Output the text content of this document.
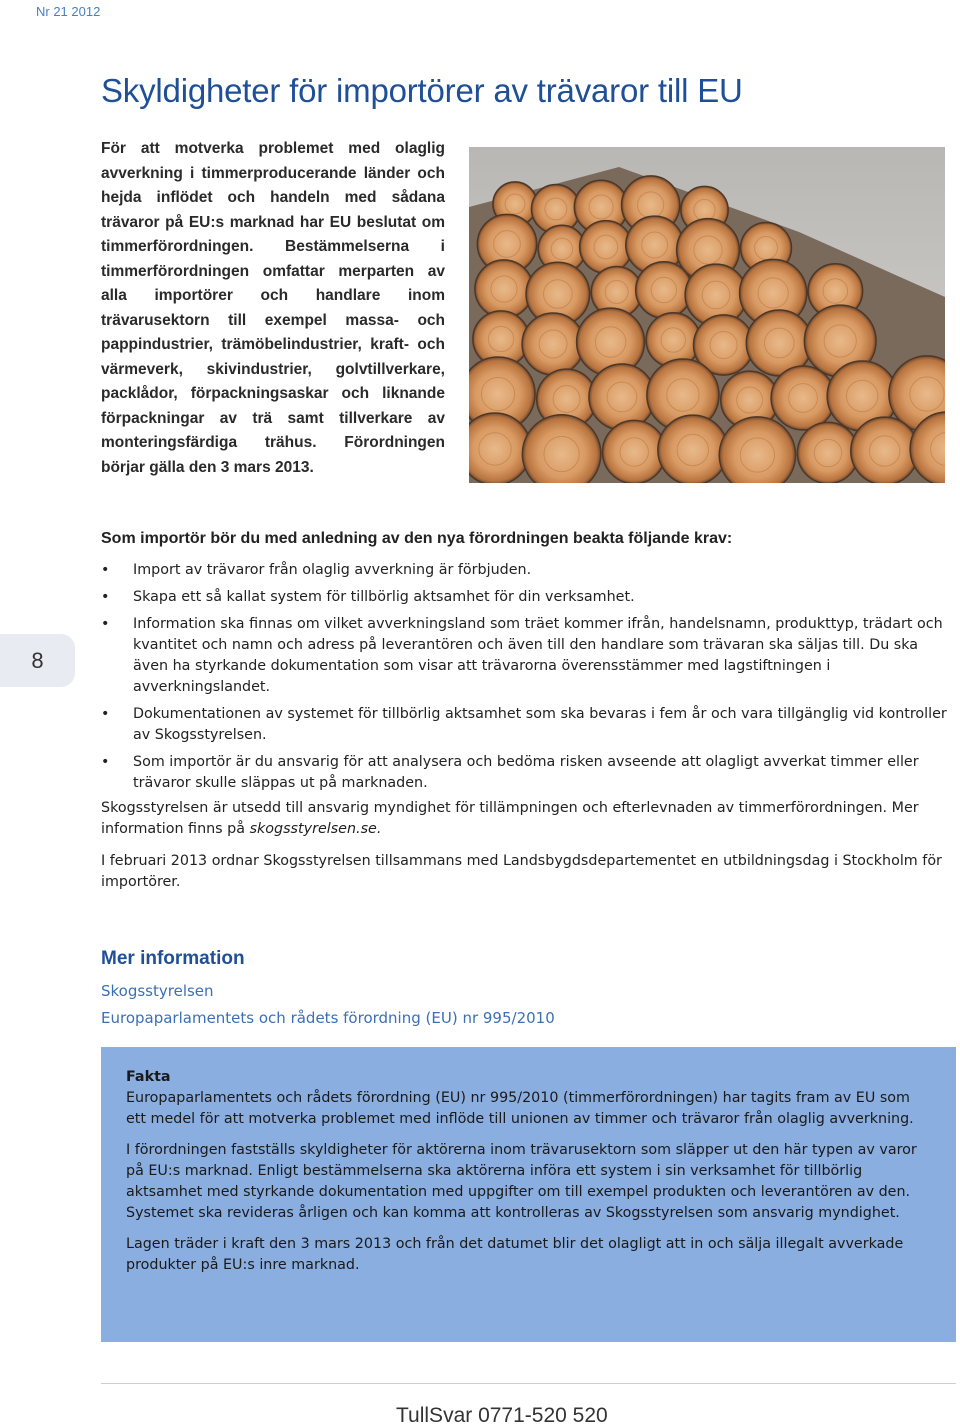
Nr 21 2012
Skyldigheter för importörer av trävaror till EU
För att motverka problemet med olaglig avverkning i timmerproducerande länder och hejda inflödet och handeln med sådana trävaror på EU:s marknad har EU beslutat om timmerförordningen. Bestämmelserna i timmerförordningen omfattar merparten av alla importörer och handlare inom trävarusektorn till exempel massa- och pappindustrier, trämöbelindustrier, kraft- och värmeverk, skivindustrier, golvtillverkare, packlådor, förpackningsaskar och liknande förpackningar av trä samt tillverkare av monteringsfärdiga trähus. Förordningen börjar gälla den 3 mars 2013.
Som importör bör du med anledning av den nya förordningen beakta följande krav:
• Import av trävaror från olaglig avverkning är förbjuden.
• Skapa ett så kallat system för tillbörlig aktsamhet för din verksamhet.
• Information ska finnas om vilket avverkningsland som träet kommer ifrån, handelsnamn, produkttyp, trädart och kvantitet och namn och adress på leverantören och även till den handlare som trävaran ska säljas till. Du ska även ha styrkande dokumentation som visar att trävarorna överensstämmer med lagstiftningen i avverkningslandet.
• Dokumentationen av systemet för tillbörlig aktsamhet som ska bevaras i fem år och vara tillgänglig vid kontroller av Skogsstyrelsen.
• Som importör är du ansvarig för att analysera och bedöma risken avseende att olagligt avverkat timmer eller trävaror skulle släppas ut på marknaden.
8

Skogsstyrelsen är utsedd till ansvarig myndighet för tillämpningen och efterlevnaden av timmerförordningen. Mer information finns på skogsstyrelsen.se.

I februari 2013 ordnar Skogsstyrelsen tillsammans med Landsbygdsdepartementet en utbildningsdag i Stockholm för importörer.

Mer information
Skogsstyrelsen
Europaparlamentets och rådets förordning (EU) nr 995/2010

Fakta

Europaparlamentets och rådets förordning (EU) nr 995/2010 (timmerförordningen) har tagits fram av EU som ett medel för att motverka problemet med inflöde till unionen av timmer och trävaror från olaglig avverkning.

I förordningen fastställs skyldigheter för aktörerna inom trävarusektorn som släpper ut den här typen av varor på EU:s marknad. Enligt bestämmelserna ska aktörerna införa ett system i sin verksamhet för tillbörlig aktsamhet med styrkande dokumentation med uppgifter om till exempel produkten och leverantören av den. Systemet ska revideras årligen och kan komma att kontrolleras av Skogsstyrelsen som ansvarig myndighet.

Lagen träder i kraft den 3 mars 2013 och från det datumet blir det olagligt att in och sälja illegalt avverkade produkter på EU:s inre marknad.

TullSvar 0771-520 520
